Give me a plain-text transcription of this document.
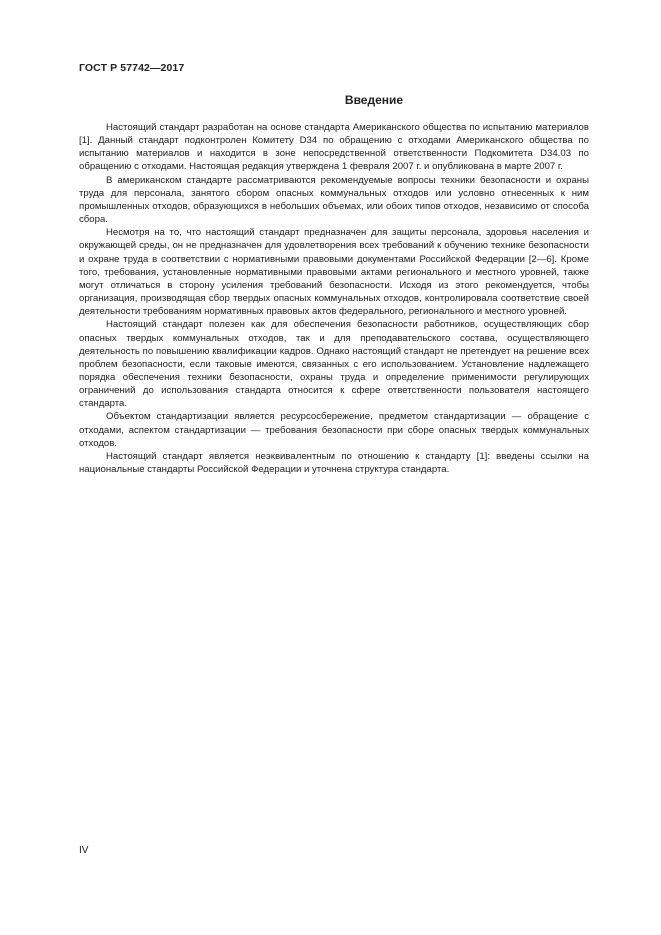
ГОСТ Р 57742—2017
Введение

Настоящий стандарт разработан на основе стандарта Американского общества по испытанию материалов [1]. Данный стандарт подконтролен Комитету D34 по обращению с отходами Американского общества по испытанию материалов и находится в зоне непосредственной ответственности Подкомитета D34.03 по обращению с отходами. Настоящая редакция утверждена 1 февраля 2007 г. и опубликована в марте 2007 г.

В американском стандарте рассматриваются рекомендуемые вопросы техники безопасности и охраны труда для персонала, занятого сбором опасных коммунальных отходов или условно отнесенных к ним промышленных отходов, образующихся в небольших объемах, или обоих типов отходов, независимо от способа сбора.

Несмотря на то, что настоящий стандарт предназначен для защиты персонала, здоровья населения и окружающей среды, он не предназначен для удовлетворения всех требований к обучению технике безопасности и охране труда в соответствии с нормативными правовыми документами Российской Федерации [2—6]. Кроме того, требования, установленные нормативными правовыми актами регионального и местного уровней, также могут отличаться в сторону усиления требований безопасности. Исходя из этого рекомендуется, чтобы организация, производящая сбор твердых опасных коммунальных отходов, контролировала соответствие своей деятельности требованиям нормативных правовых актов федерального, регионального и местного уровней.

Настоящий стандарт полезен как для обеспечения безопасности работников, осуществляющих сбор опасных твердых коммунальных отходов, так и для преподавательского состава, осуществляющего деятельность по повышению квалификации кадров. Однако настоящий стандарт не претендует на решение всех проблем безопасности, если таковые имеются, связанных с его использованием. Установление надлежащего порядка обеспечения техники безопасности, охраны труда и определение применимости регулирующих ограничений до использования стандарта относится к сфере ответственности пользователя настоящего стандарта.

Объектом стандартизации является ресурсосбережение, предметом стандартизации — обращение с отходами, аспектом стандартизации — требования безопасности при сборе опасных твердых коммунальных отходов.

Настоящий стандарт является неэквивалентным по отношению к стандарту [1]: введены ссылки на национальные стандарты Российской Федерации и уточнена структура стандарта.

IV
